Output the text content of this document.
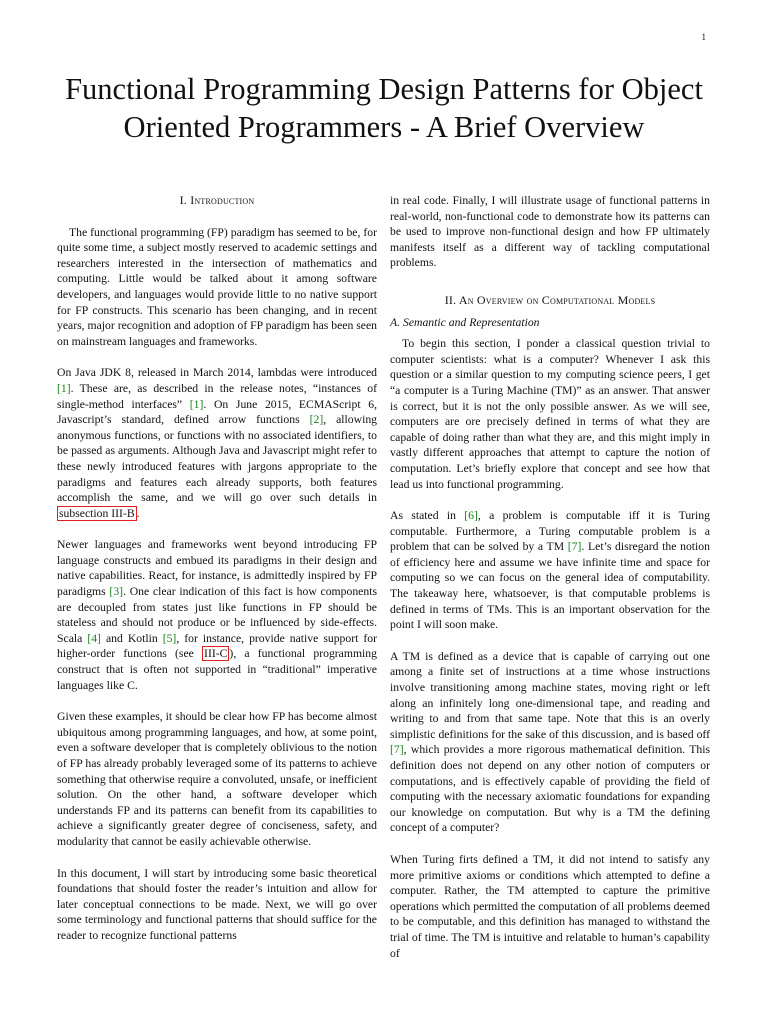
1
Functional Programming Design Patterns for Object Oriented Programmers - A Brief Overview
I. Introduction

The functional programming (FP) paradigm has seemed to be, for quite some time, a subject mostly reserved to academic settings and researchers interested in the intersection of mathematics and computing. Little would be talked about it among software developers, and languages would provide little to no native support for FP constructs. This scenario has been changing, and in recent years, major recognition and adoption of FP paradigm has been seen on mainstream languages and frameworks.

On Java JDK 8, released in March 2014, lambdas were introduced [1]. These are, as described in the release notes, “instances of single-method interfaces” [1]. On June 2015, ECMAScript 6, Javascript’s standard, defined arrow functions [2], allowing anonymous functions, or functions with no associated identifiers, to be passed as arguments. Although Java and Javascript might refer to these newly introduced features with jargons appropriate to the paradigms and features each already supports, both features accomplish the same, and we will go over such details in subsection III-B .

Newer languages and frameworks went beyond introducing FP language constructs and embued its paradigms in their design and native capabilities. React, for instance, is admittedly inspired by FP paradigms [3]. One clear indication of this fact is how components are decoupled from states just like functions in FP should be stateless and should not produce or be influenced by side-effects. Scala [4] and Kotlin [5], for instance, provide native support for higher-order functions (see III-C ), a functional programming construct that is often not supported in “traditional” imperative languages like C.

Given these examples, it should be clear how FP has become almost ubiquitous among programming languages, and how, at some point, even a software developer that is completely oblivious to the notion of FP has already probably leveraged some of its patterns to achieve something that otherwise require a convoluted, unsafe, or inefficient solution. On the other hand, a software developer which understands FP and its patterns can benefit from its capabilities to achieve a significantly greater degree of conciseness, safety, and modularity that cannot be easily achievable otherwise.

In this document, I will start by introducing some basic theoretical foundations that should foster the reader’s intuition and allow for later conceptual connections to be made. Next, we will go over some terminology and functional patterns that should suffice for the reader to recognize functional patterns

in real code. Finally, I will illustrate usage of functional patterns in real-world, non-functional code to demonstrate how its patterns can be used to improve non-functional design and how FP ultimately manifests itself as a different way of tackling computational problems.

II. An Overview on Computational Models
A. Semantic and Representation

To begin this section, I ponder a classical question trivial to computer scientists: what is a computer? Whenever I ask this question or a similar question to my computing science peers, I get “a computer is a Turing Machine (TM)” as an answer. That answer is correct, but it is not the only possible answer. As we will see, computers are ore precisely defined in terms of what they are capable of doing rather than what they are, and this might imply in vastly different approaches that attempt to capture the notion of computation. Let’s briefly explore that concept and see how that lead us into functional programming.

As stated in [6], a problem is computable iff it is Turing computable. Furthermore, a Turing computable problem is a problem that can be solved by a TM [7]. Let’s disregard the notion of efficiency here and assume we have infinite time and space for computing so we can focus on the general idea of computability. The takeaway here, whatsoever, is that computable problems is defined in terms of TMs. This is an important observation for the point I will soon make.

A TM is defined as a device that is capable of carrying out one among a finite set of instructions at a time whose instructions involve transitioning among machine states, moving right or left along an infinitely long one-dimensional tape, and reading and writing to and from that same tape. Note that this is an overly simplistic definitions for the sake of this discussion, and is based off [7], which provides a more rigorous mathematical definition. This definition does not depend on any other notion of computers or computations, and is effectively capable of providing the field of computing with the necessary axiomatic foundations for expanding our knowledge on computation. But why is a TM the defining concept of a computer?

When Turing firts defined a TM, it did not intend to satisfy any more primitive axioms or conditions which attempted to define a computer. Rather, the TM attempted to capture the primitive operations which permitted the computation of all problems deemed to be computable, and this definition has managed to withstand the trial of time. The TM is intuitive and relatable to human’s capability of
